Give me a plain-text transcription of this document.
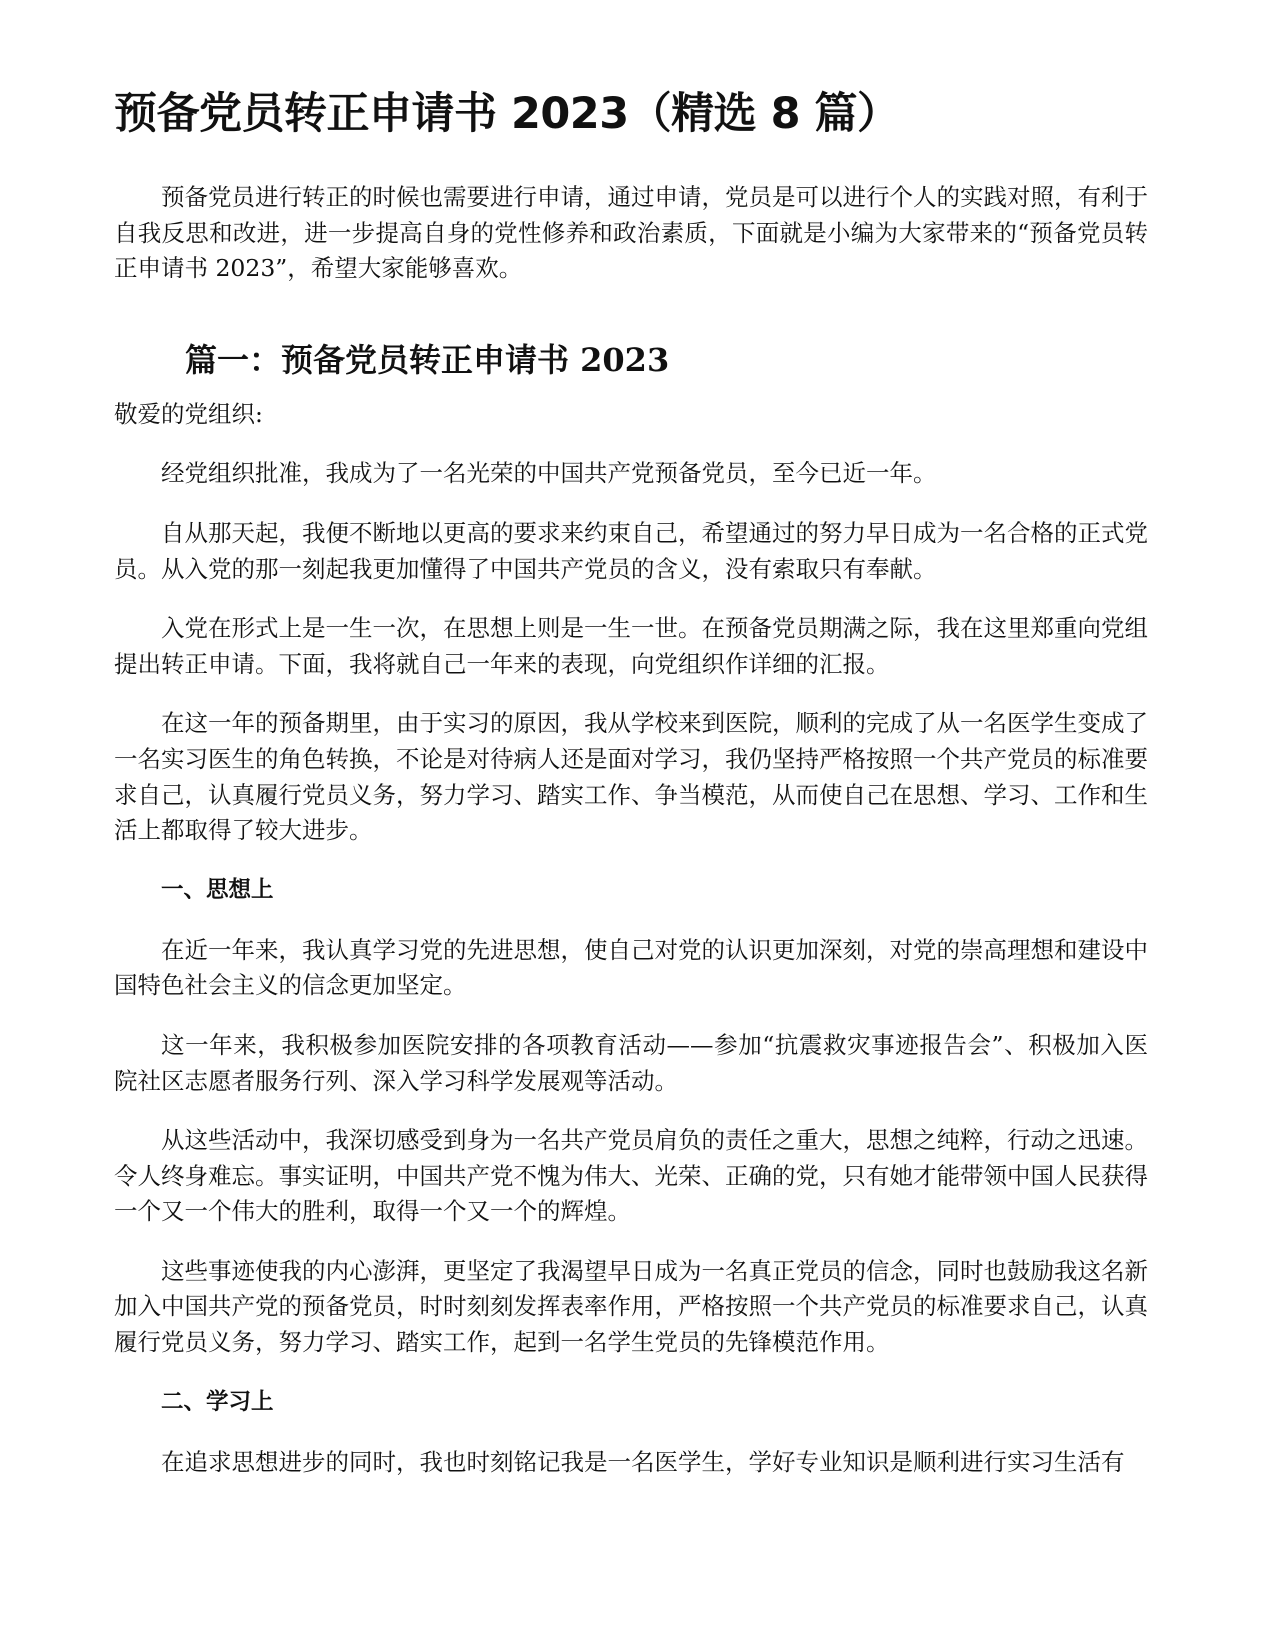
预备党员转正申请书 2023（精选 8 篇）

预备党员进行转正的时候也需要进行申请，通过申请，党员是可以进行个人的实践对照，有利于自我反思和改进，进一步提高自身的党性修养和政治素质，下面就是小编为大家带来的“预备党员转正申请书 2023”，希望大家能够喜欢。

篇一：预备党员转正申请书 2023

敬爱的党组织:

经党组织批准，我成为了一名光荣的中国共产党预备党员，至今已近一年。

自从那天起，我便不断地以更高的要求来约束自己，希望通过的努力早日成为一名合格的正式党员。从入党的那一刻起我更加懂得了中国共产党员的含义，没有索取只有奉献。

入党在形式上是一生一次，在思想上则是一生一世。在预备党员期满之际，我在这里郑重向党组提出转正申请。下面，我将就自己一年来的表现，向党组织作详细的汇报。

在这一年的预备期里，由于实习的原因，我从学校来到医院，顺利的完成了从一名医学生变成了一名实习医生的角色转换，不论是对待病人还是面对学习，我仍坚持严格按照一个共产党员的标准要求自己，认真履行党员义务，努力学习、踏实工作、争当模范，从而使自己在思想、学习、工作和生活上都取得了较大进步。

一、思想上

在近一年来，我认真学习党的先进思想，使自己对党的认识更加深刻，对党的崇高理想和建设中国特色社会主义的信念更加坚定。

这一年来，我积极参加医院安排的各项教育活动——参加“抗震救灾事迹报告会”、积极加入医院社区志愿者服务行列、深入学习科学发展观等活动。

从这些活动中，我深切感受到身为一名共产党员肩负的责任之重大，思想之纯粹，行动之迅速。令人终身难忘。事实证明，中国共产党不愧为伟大、光荣、正确的党，只有她才能带领中国人民获得一个又一个伟大的胜利，取得一个又一个的辉煌。

这些事迹使我的内心澎湃，更坚定了我渴望早日成为一名真正党员的信念，同时也鼓励我这名新加入中国共产党的预备党员，时时刻刻发挥表率作用，严格按照一个共产党员的标准要求自己，认真履行党员义务，努力学习、踏实工作，起到一名学生党员的先锋模范作用。

二、学习上

在追求思想进步的同时，我也时刻铭记我是一名医学生，学好专业知识是顺利进行实习生活有
